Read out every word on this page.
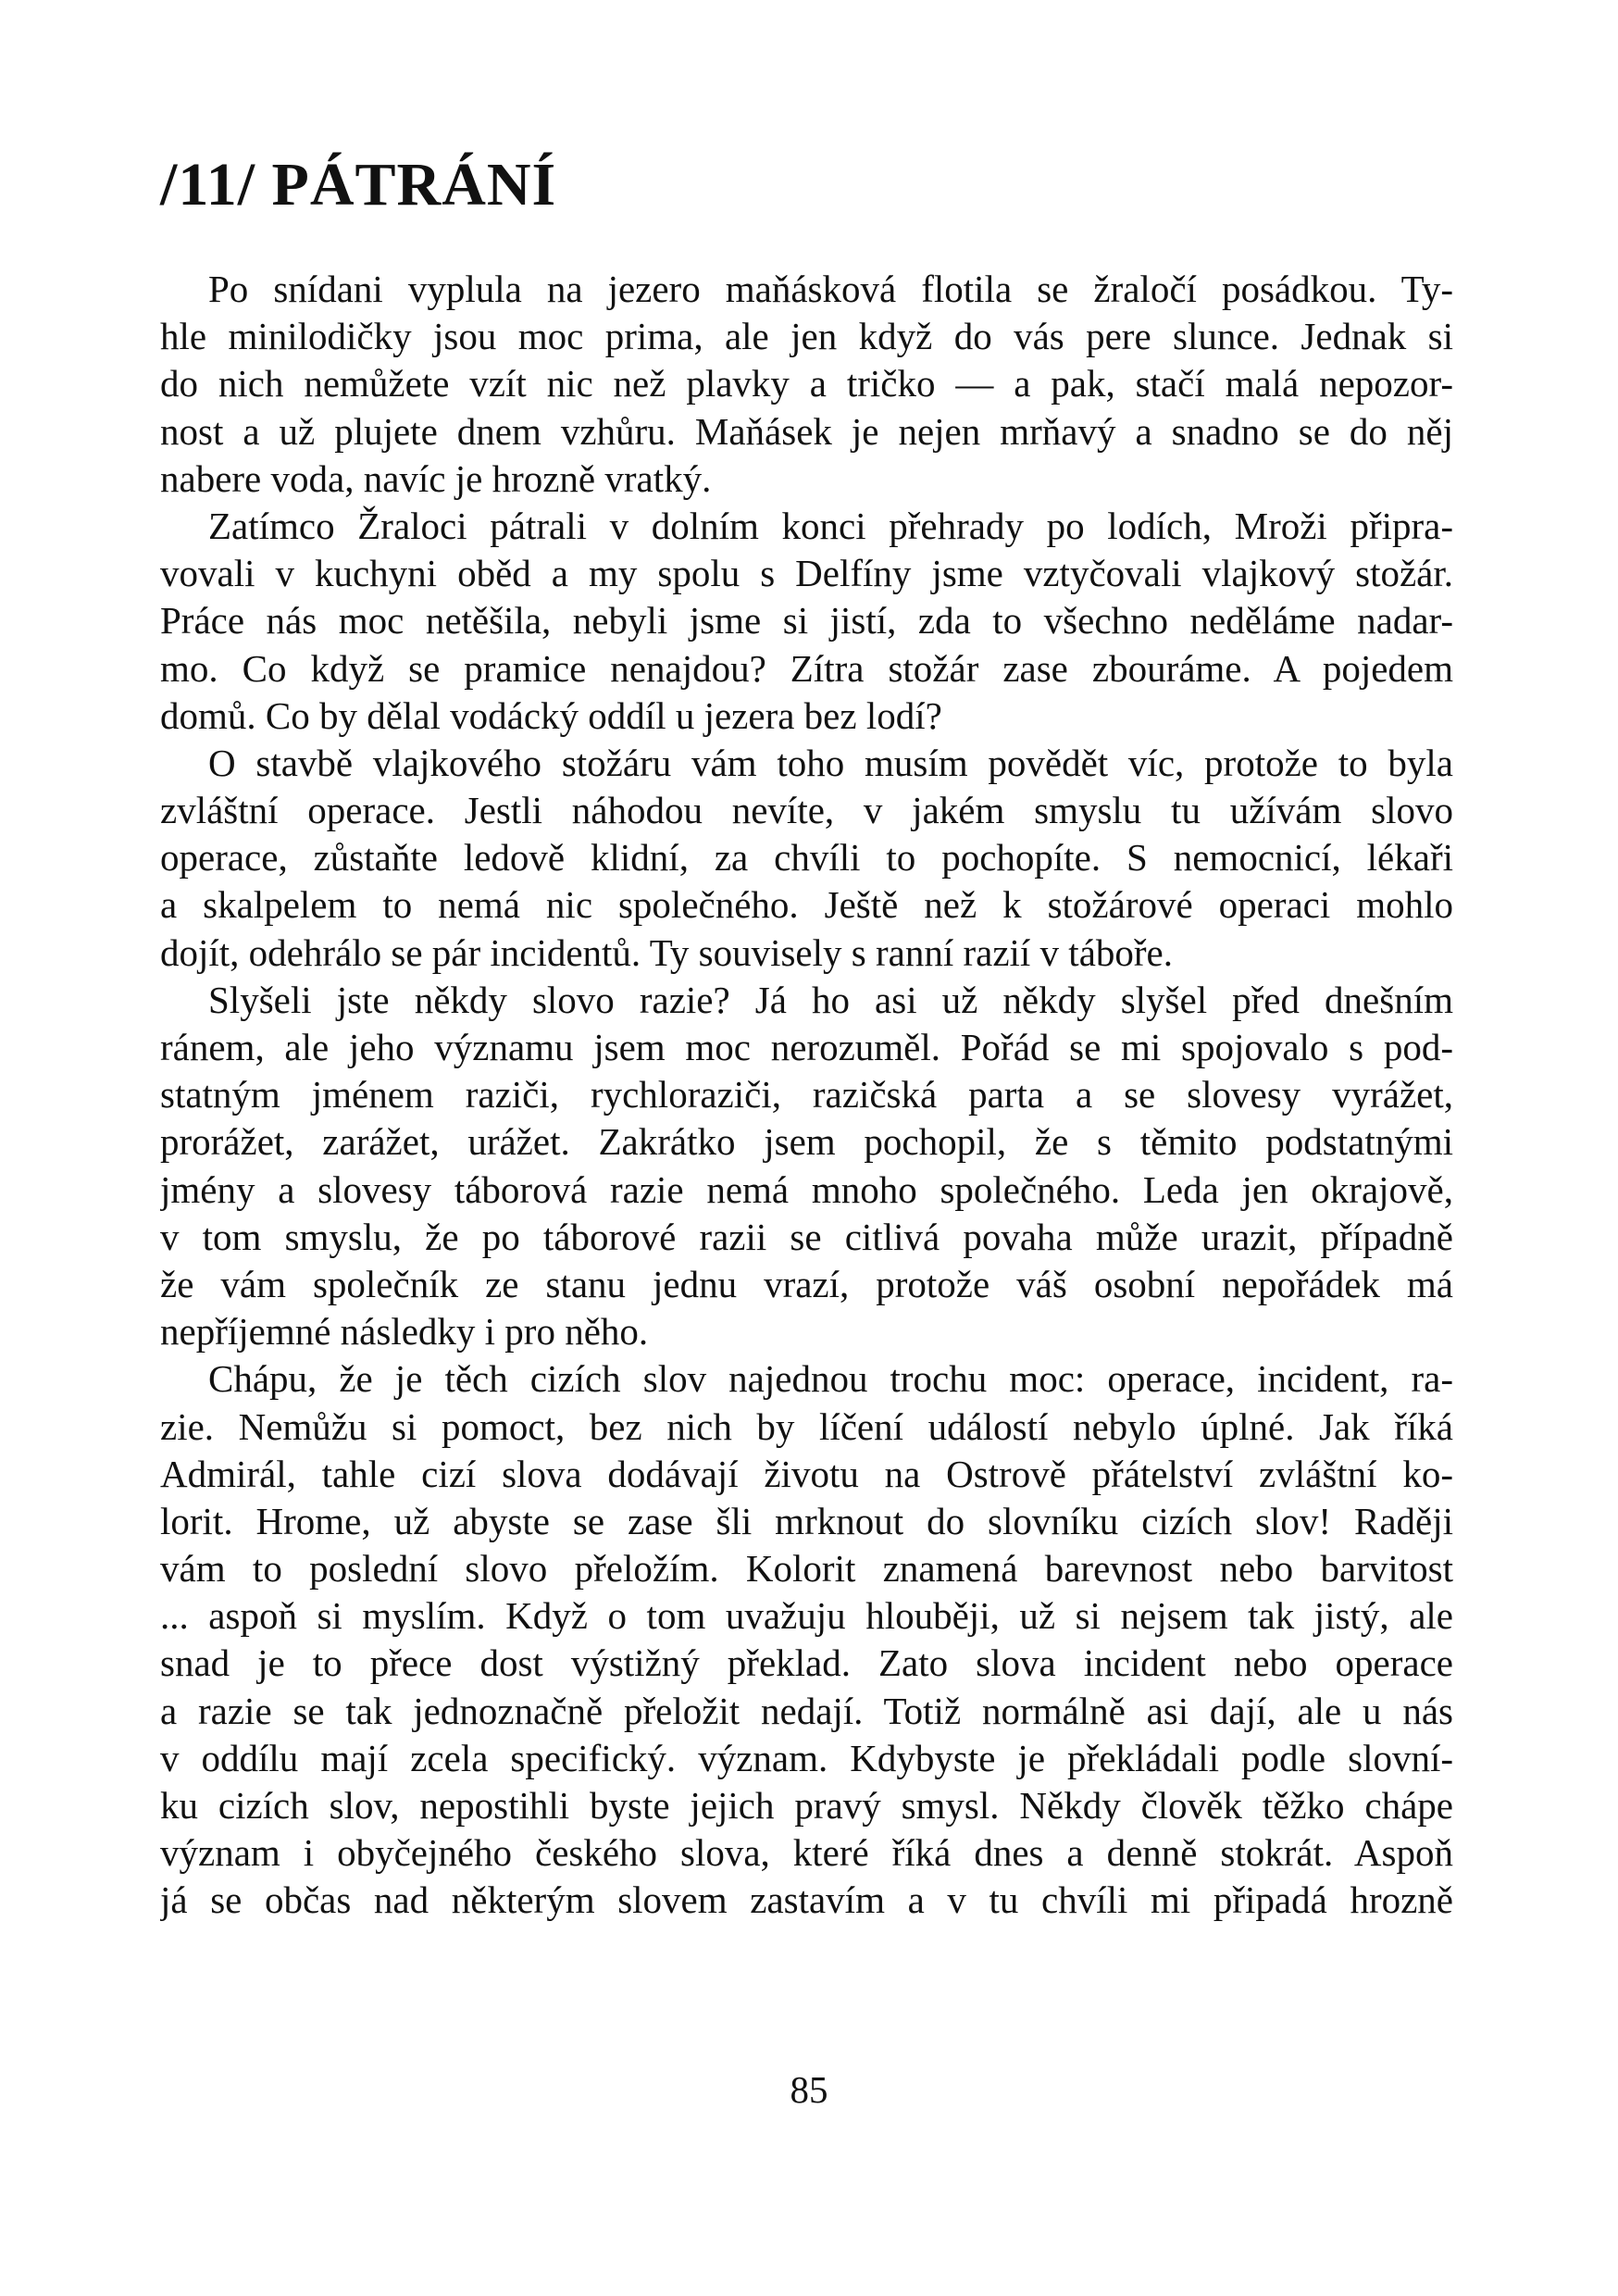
/11/ PÁTRÁNÍ
Po snídani vyplula na jezero maňásková flotila se žraločí posádkou. Ty-
hle minilodičky jsou moc prima, ale jen když do vás pere slunce. Jednak si
do nich nemůžete vzít nic než plavky a tričko — a pak, stačí malá nepozor-
nost a už plujete dnem vzhůru. Maňásek je nejen mrňavý a snadno se do něj
nabere voda, navíc je hrozně vratký.
Zatímco Žraloci pátrali v dolním konci přehrady po lodích, Mroži připra-
vovali v kuchyni oběd a my spolu s Delfíny jsme vztyčovali vlajkový stožár.
Práce nás moc netěšila, nebyli jsme si jistí, zda to všechno neděláme nadar-
mo. Co když se pramice nenajdou? Zítra stožár zase zbouráme. A pojedem
domů. Co by dělal vodácký oddíl u jezera bez lodí?
O stavbě vlajkového stožáru vám toho musím povědět víc, protože to byla
zvláštní operace. Jestli náhodou nevíte, v jakém smyslu tu užívám slovo
operace, zůstaňte ledově klidní, za chvíli to pochopíte. S nemocnicí, lékaři
a skalpelem to nemá nic společného. Ještě než k stožárové operaci mohlo
dojít, odehrálo se pár incidentů. Ty souvisely s ranní razií v táboře.
Slyšeli jste někdy slovo razie? Já ho asi už někdy slyšel před dnešním
ránem, ale jeho významu jsem moc nerozuměl. Pořád se mi spojovalo s pod-
statným jménem raziči, rychloraziči, razičská parta a se slovesy vyrážet,
prorážet, zarážet, urážet. Zakrátko jsem pochopil, že s těmito podstatnými
jmény a slovesy táborová razie nemá mnoho společného. Leda jen okrajově,
v tom smyslu, že po táborové razii se citlivá povaha může urazit, případně
že vám společník ze stanu jednu vrazí, protože váš osobní nepořádek má
nepříjemné následky i pro něho.
Chápu, že je těch cizích slov najednou trochu moc: operace, incident, ra-
zie. Nemůžu si pomoct, bez nich by líčení událostí nebylo úplné. Jak říká
Admirál, tahle cizí slova dodávají životu na Ostrově přátelství zvláštní ko-
lorit. Hrome, už abyste se zase šli mrknout do slovníku cizích slov! Raději
vám to poslední slovo přeložím. Kolorit znamená barevnost nebo barvitost
... aspoň si myslím. Když o tom uvažuju hlouběji, už si nejsem tak jistý, ale
snad je to přece dost výstižný překlad. Zato slova incident nebo operace
a razie se tak jednoznačně přeložit nedají. Totiž normálně asi dají, ale u nás
v oddílu mají zcela specifický. význam. Kdybyste je překládali podle slovní-
ku cizích slov, nepostihli byste jejich pravý smysl. Někdy člověk těžko chápe
význam i obyčejného českého slova, které říká dnes a denně stokrát. Aspoň
já se občas nad některým slovem zastavím a v tu chvíli mi připadá hrozně
85
